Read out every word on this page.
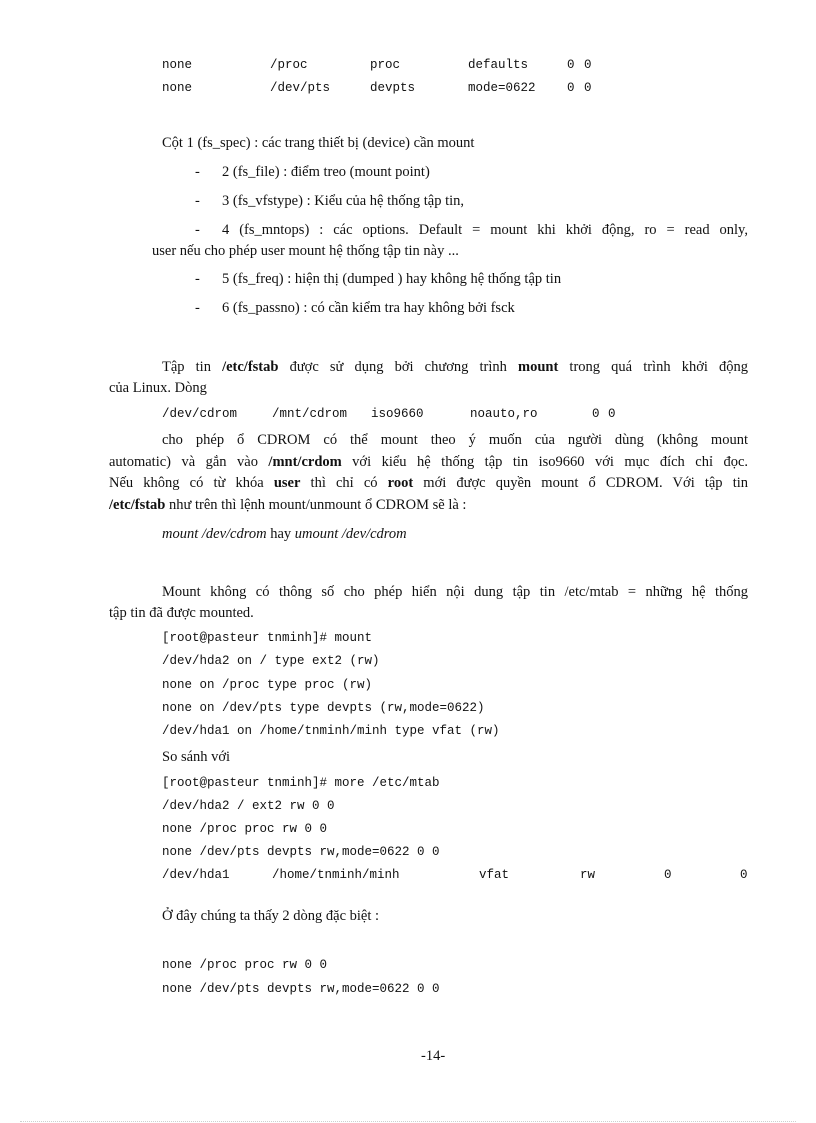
none	/proc	proc	defaults	0 0
none	/dev/pts	devpts	mode=0622	0 0
Cột 1 (fs_spec) : các trang thiết bị (device) cần mount
- 2 (fs_file) : điểm treo (mount point)
- 3 (fs_vfstype) : Kiểu của hệ thống tập tin,
- 4 (fs_mntops) : các options. Default = mount khi khởi động, ro = read only,
user nếu cho phép user mount hệ thống tập tin này ...
- 5 (fs_freq) : hiện thị (dumped ) hay không hệ thống tập tin
- 6 (fs_passno) : có cần kiểm tra hay không bởi fsck
Tập tin /etc/fstab được sử dụng bởi chương trình mount trong quá trình khởi động
của Linux. Dòng
/dev/cdrom	/mnt/cdrom iso9660	noauto,ro	0 0
cho phép ổ CDROM có thể mount theo ý muốn của người dùng (không mount
automatic) và gắn vào /mnt/crdom với kiểu hệ thống tập tin iso9660 với mục đích chỉ đọc.
Nếu không có từ khóa user thì chỉ có root mới được quyền mount ổ CDROM. Với tập tin
/etc/fstab như trên thì lệnh mount/unmount ổ CDROM sẽ là :
mount /dev/cdrom hay umount /dev/cdrom
Mount không có thông số cho phép hiển nội dung tập tin /etc/mtab = những hệ thống
tập tin đã được mounted.
[root@pasteur tnminh]# mount
/dev/hda2 on / type ext2 (rw)
none on /proc type proc (rw)
none on /dev/pts type devpts (rw,mode=0622)
/dev/hda1 on /home/tnminh/minh type vfat (rw)
So sánh với
[root@pasteur tnminh]# more /etc/mtab
/dev/hda2 / ext2 rw 0 0
none /proc proc rw 0 0
none /dev/pts devpts rw,mode=0622 0 0
/dev/hda1	/home/tnminh/minh	vfat	rw	0	0
Ở đây chúng ta thấy 2 dòng đặc biệt :
none /proc proc rw 0 0
none /dev/pts devpts rw,mode=0622 0 0
-14-
